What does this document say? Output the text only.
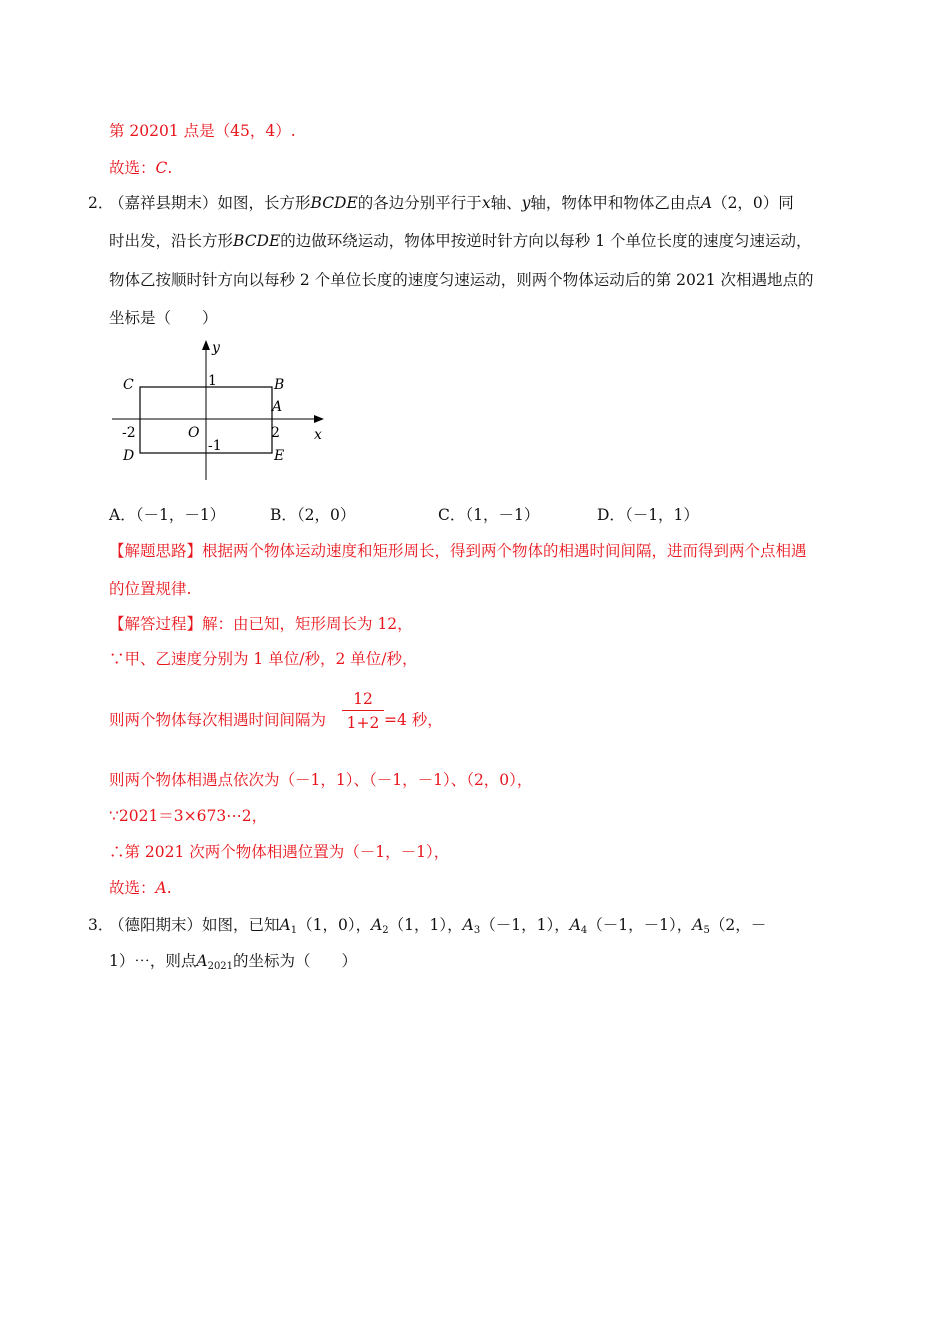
第 20201 点是（45，4）.
故选：C.
2．
（嘉祥县期末）如图，长方形BCDE的各边分别平行于x轴、y轴，物体甲和物体乙由点A（2，0）同
时出发，沿长方形BCDE的边做环绕运动，物体甲按逆时针方向以每秒 1 个单位长度的速度匀速运动，
物体乙按顺时针方向以每秒 2 个单位长度的速度匀速运动，则两个物体运动后的第 2021 次相遇地点的
坐标是（　　）
y
x
C	B
A
D	E
O
1
-1
2
-2
A．（－1，－1）	B．（2，0）	C．（1，－1）	D．（－1，1）
【解题思路】根据两个物体运动速度和矩形周长，得到两个物体的相遇时间间隔，进而得到两个点相遇
的位置规律.
【解答过程】解：由已知，矩形周长为 12，
∵甲、乙速度分别为 1 单位/秒，2 单位/秒，
则两个物体每次相遇时间间隔为 $\frac{12}{1+2} =4$ 秒，
则两个物体相遇点依次为（－1，1）、（－1，－1）、（2，0），
∵2021＝3×673⋯2，
∴第 2021 次两个物体相遇位置为（－1，－1），
故选：A.
3．
（德阳期末）如图，已知$A_1(1$，0），$A_2(1$，1），$A_3(-1$，1），$A_4(-1$，－1），$A_5(2$，－
1）⋯，则点$A_{2021}$的坐标为（　　）
